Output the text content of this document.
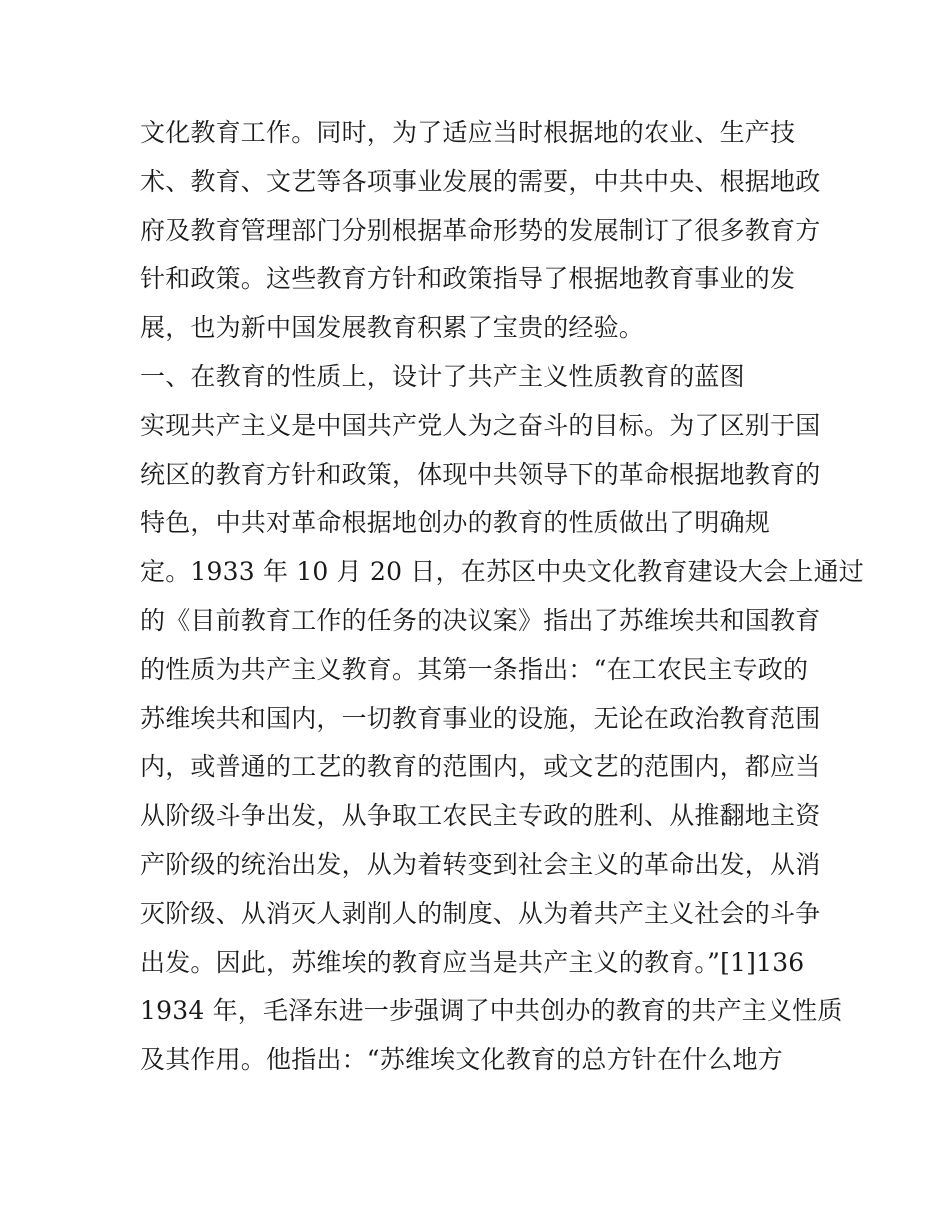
文化教育工作。同时，为了适应当时根据地的农业、生产技
术、教育、文艺等各项事业发展的需要，中共中央、根据地政
府及教育管理部门分别根据革命形势的发展制订了很多教育方
针和政策。这些教育方针和政策指导了根据地教育事业的发
展，也为新中国发展教育积累了宝贵的经验。
一、在教育的性质上，设计了共产主义性质教育的蓝图
实现共产主义是中国共产党人为之奋斗的目标。为了区别于国
统区的教育方针和政策，体现中共领导下的革命根据地教育的
特色，中共对革命根据地创办的教育的性质做出了明确规
定。1933 年 10 月 20 日，在苏区中央文化教育建设大会上通过
的《目前教育工作的任务的决议案》指出了苏维埃共和国教育
的性质为共产主义教育。其第一条指出：“在工农民主专政的
苏维埃共和国内，一切教育事业的设施，无论在政治教育范围
内，或普通的工艺的教育的范围内，或文艺的范围内，都应当
从阶级斗争出发，从争取工农民主专政的胜利、从推翻地主资
产阶级的统治出发，从为着转变到社会主义的革命出发，从消
灭阶级、从消灭人剥削人的制度、从为着共产主义社会的斗争
出发。因此，苏维埃的教育应当是共产主义的教育。”[1]136
1934 年，毛泽东进一步强调了中共创办的教育的共产主义性质
及其作用。他指出：“苏维埃文化教育的总方针在什么地方
